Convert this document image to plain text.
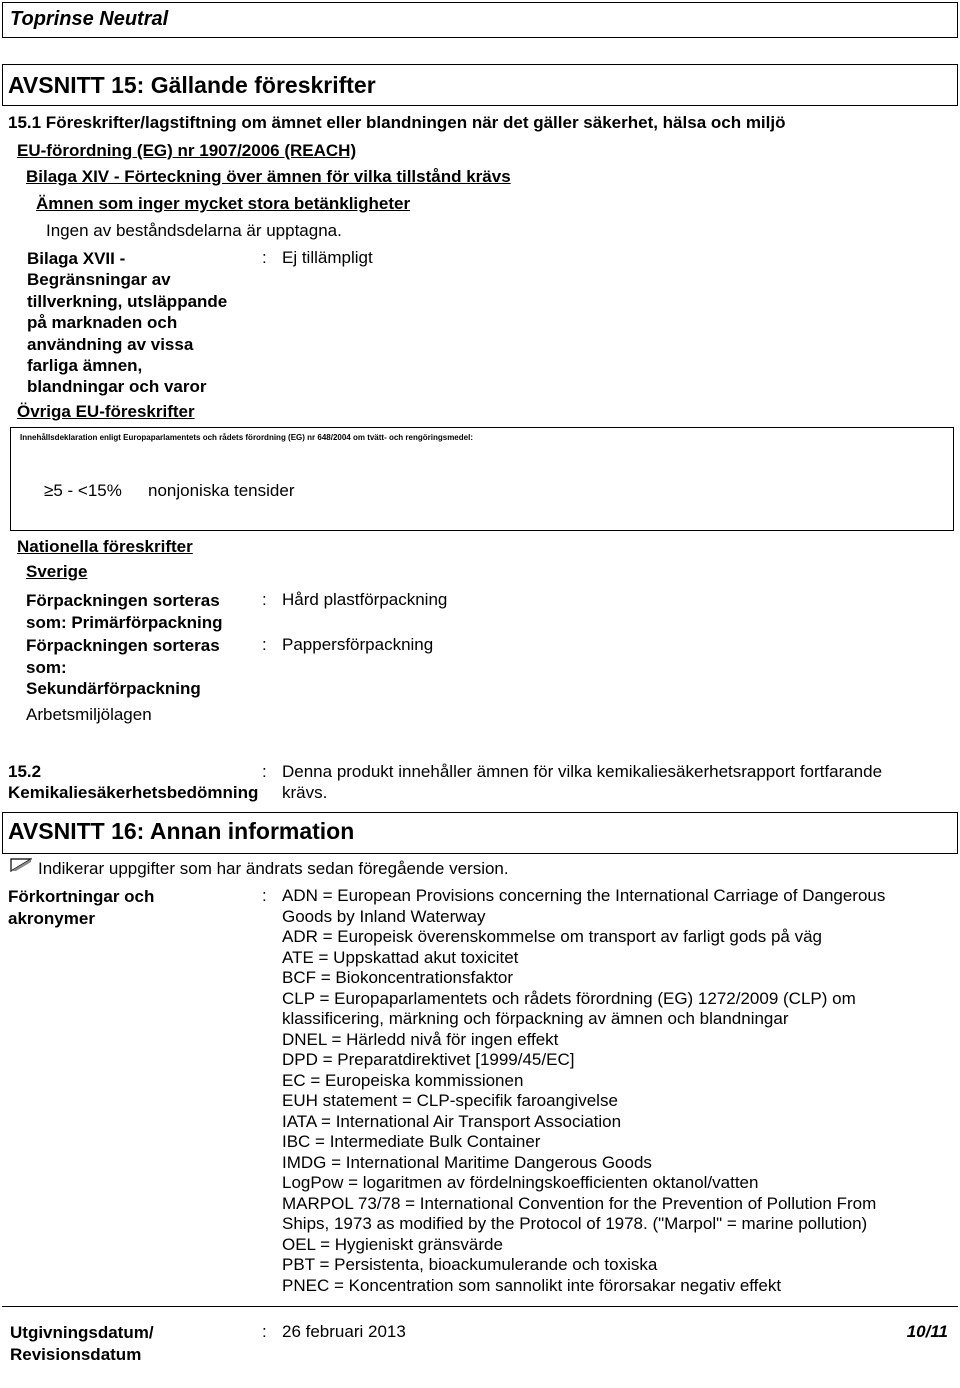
Toprinse Neutral
AVSNITT 15: Gällande föreskrifter
15.1 Föreskrifter/lagstiftning om ämnet eller blandningen när det gäller säkerhet, hälsa och miljö
EU-förordning (EG) nr 1907/2006 (REACH)
Bilaga XIV - Förteckning över ämnen för vilka tillstånd krävs
Ämnen som inger mycket stora betänkligheter
Ingen av beståndsdelarna är upptagna.
Bilaga XVII -
Begränsningar av
tillverkning, utsläppande
på marknaden och
användning av vissa
farliga ämnen,
blandningar och varor
: Ej tillämpligt
Övriga EU-föreskrifter
Innehållsdeklaration enligt Europaparlamentets och rådets förordning (EG) nr 648/2004 om tvätt- och rengöringsmedel:
≥5 - <15% nonjoniska tensider
Nationella föreskrifter
Sverige
Förpackningen sorteras
som: Primärförpackning
: Hård plastförpackning
Förpackningen sorteras
som:
Sekundärförpackning
: Pappersförpackning
Arbetsmiljölagen
15.2
Kemikaliesäkerhetsbedömning
: Denna produkt innehåller ämnen för vilka kemikaliesäkerhetsrapport fortfarande
krävs.
AVSNITT 16: Annan information
Indikerar uppgifter som har ändrats sedan föregående version.
Förkortningar och
akronymer
: ADN = European Provisions concerning the International Carriage of Dangerous
Goods by Inland Waterway
ADR = Europeisk överenskommelse om transport av farligt gods på väg
ATE = Uppskattad akut toxicitet
BCF = Biokoncentrationsfaktor
CLP = Europaparlamentets och rådets förordning (EG) 1272/2009 (CLP) om
klassificering, märkning och förpackning av ämnen och blandningar
DNEL = Härledd nivå för ingen effekt
DPD = Preparatdirektivet [1999/45/EC]
EC = Europeiska kommissionen
EUH statement = CLP-specifik faroangivelse
IATA = International Air Transport Association
IBC = Intermediate Bulk Container
IMDG = International Maritime Dangerous Goods
LogPow = logaritmen av fördelningskoefficienten oktanol/vatten
MARPOL 73/78 = International Convention for the Prevention of Pollution From
Ships, 1973 as modified by the Protocol of 1978. ("Marpol" = marine pollution)
OEL = Hygieniskt gränsvärde
PBT = Persistenta, bioackumulerande och toxiska
PNEC = Koncentration som sannolikt inte förorsakar negativ effekt
Utgivningsdatum/
Revisionsdatum
: 26 februari 2013	10/11
